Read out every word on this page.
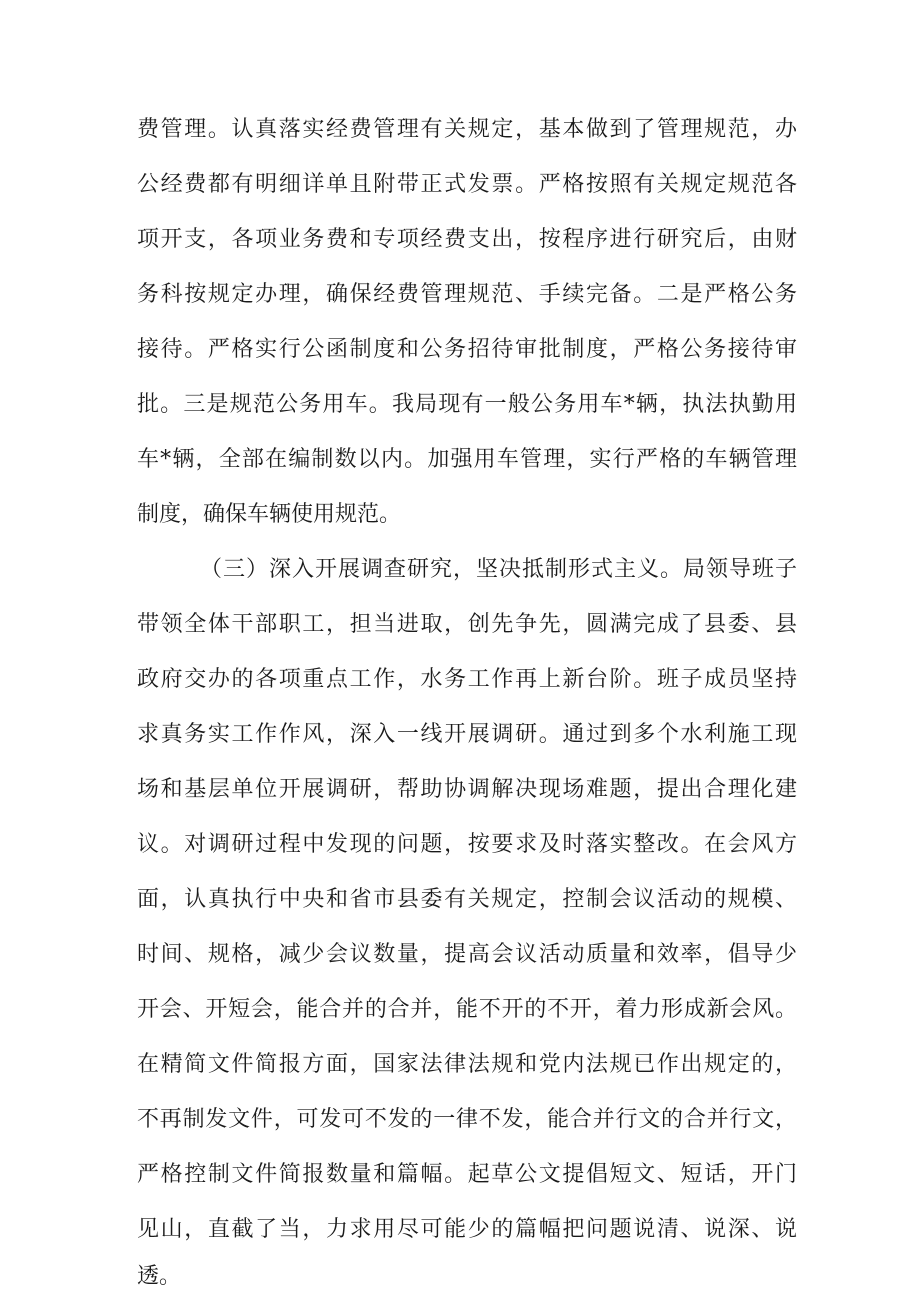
费管理。认真落实经费管理有关规定，基本做到了管理规范，办
公经费都有明细详单且附带正式发票。严格按照有关规定规范各
项开支，各项业务费和专项经费支出，按程序进行研究后，由财
务科按规定办理，确保经费管理规范、手续完备。二是严格公务
接待。严格实行公函制度和公务招待审批制度，严格公务接待审
批。三是规范公务用车。我局现有一般公务用车*辆，执法执勤用
车*辆，全部在编制数以内。加强用车管理，实行严格的车辆管理
制度，确保车辆使用规范。
（三）深入开展调查研究，坚决抵制形式主义。局领导班子
带领全体干部职工，担当进取，创先争先，圆满完成了县委、县
政府交办的各项重点工作，水务工作再上新台阶。班子成员坚持
求真务实工作作风，深入一线开展调研。通过到多个水利施工现
场和基层单位开展调研，帮助协调解决现场难题，提出合理化建
议。对调研过程中发现的问题，按要求及时落实整改。在会风方
面，认真执行中央和省市县委有关规定，控制会议活动的规模、
时间、规格，减少会议数量，提高会议活动质量和效率，倡导少
开会、开短会，能合并的合并，能不开的不开，着力形成新会风。
在精简文件简报方面，国家法律法规和党内法规已作出规定的，
不再制发文件，可发可不发的一律不发，能合并行文的合并行文，
严格控制文件简报数量和篇幅。起草公文提倡短文、短话，开门
见山，直截了当，力求用尽可能少的篇幅把问题说清、说深、说
透。
